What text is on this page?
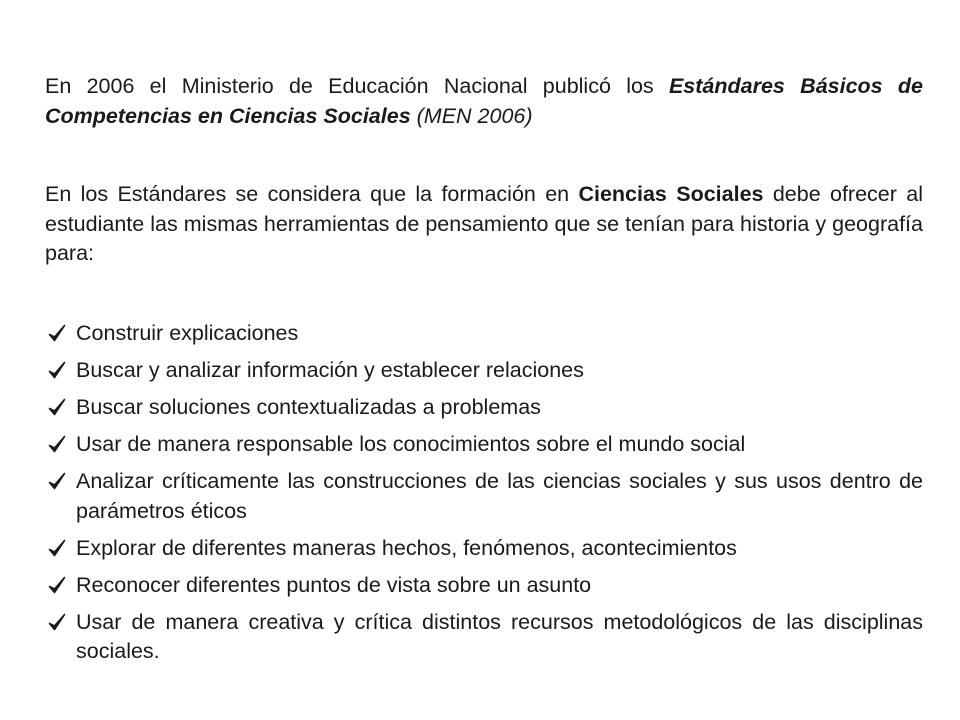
En 2006 el Ministerio de Educación Nacional publicó los Estándares Básicos de Competencias en Ciencias Sociales (MEN 2006)

En los Estándares se considera que la formación en Ciencias Sociales debe ofrecer al estudiante las mismas herramientas de pensamiento que se tenían para historia y geografía para:

Construir explicaciones
Buscar y analizar información y establecer relaciones
Buscar soluciones contextualizadas a problemas
Usar de manera responsable los conocimientos sobre el mundo social
Analizar críticamente las construcciones de las ciencias sociales y sus usos dentro de parámetros éticos
Explorar de diferentes maneras hechos, fenómenos, acontecimientos
Reconocer diferentes puntos de vista sobre un asunto
Usar de manera creativa y crítica distintos recursos metodológicos de las disciplinas sociales.
